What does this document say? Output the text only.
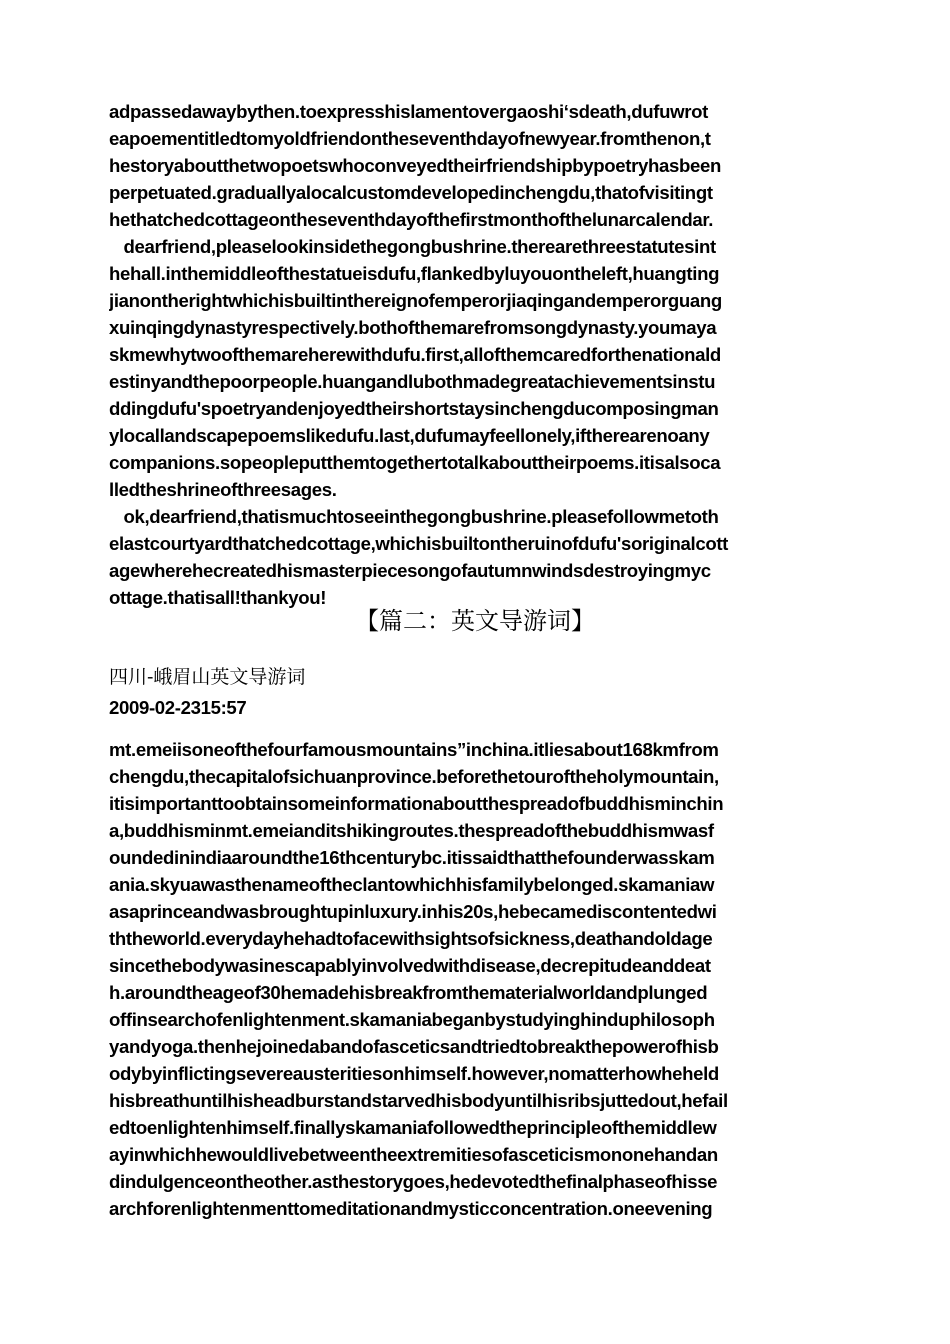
adpassedawaybythen.toexpresshislamentovergaoshi‘sdeath,dufuwrot
eapoementitledtomyoldfriendontheseventhdayofnewyear.fromthenon,t
hestoryaboutthetwopoetswhoconveyedtheirfriendshipbypoetryhasbeen
perpetuated.graduallyalocalcustomdevelopedinchengdu,thatofvisitingt
hethatchedcottageontheseventhdayofthefirstmonthofthelunarcalendar.
dearfriend,pleaselookinsidethegongbushrine.therearethreestatutesint
hehall.inthemiddleofthestatueisdufu,flankedbyluyouontheleft,huangting
jianontherightwhichisbuiltinthereignofemperorjiaqingandemperorguang
xuinqingdynastyrespectively.bothofthemarefromsongdynasty.youmaya
skmewhytwoofthemareherewithdufu.first,allofthemcaredforthenationald
estinyandthepoorpeople.huangandlubothmadegreatachievementsinstu
ddingdufu'spoetryandenjoyedtheirshortstaysinchengducomposingman
ylocallandscapepoemslikedufu.last,dufumayfeellonely,iftherearenoany
companions.sopeopleputthemtogethertotalkabouttheirpoems.itisalsoca
lledtheshrineofthreesages.
ok,dearfriend,thatismuchtoseeinthegongbushrine.pleasefollowmetoth
elastcourtyardthatchedcottage,whichisbuiltontheruinofdufu'soriginalcott
agewherehecreatedhismasterpiecesongofautumnwindsdestroyingmyc
ottage.thatisall!thankyou!
【篇二：英文导游词】
四川-峨眉山英文导游词
2009-02-2315:57
mt.emeiisoneofthefourfamousmountains”inchina.itliesabout168kmfrom
chengdu,thecapitalofsichuanprovince.beforethetouroftheholymountain,
itisimportanttoobtainsomeinformationaboutthespreadofbuddhisminchin
a,buddhisminmt.emeianditshikingroutes.thespreadofthebuddhismwasf
oundedinindiaaroundthe16thcenturybc.itissaidthatthefounderwasskam
ania.skyuawasthenameoftheclantowhichhisfamilybelonged.skamaniaw
asaprinceandwasbroughtupinluxury.inhis20s,hebecamediscontentedwi
ththeworld.everydayhehadtofacewithsightsofsickness,deathandoldage
sincethebodywasinescapablyinvolvedwithdisease,decrepitudeanddeat
h.aroundtheageof30hemadehisbreakfromthematerialworldandplunged
offinsearchofenlightenment.skamaniabeganbystudyinghinduphilosoph
yandyoga.thenhejoinedabandofasceticsandtriedtobreakthepowerofhisb
odybyinflictingsevereausteritiesonhimself.however,nomatterhowheheld
hisbreathuntilhisheadburstandstarvedhisbodyuntilhisribsjuttedout,hefail
edtoenlightenhimself.finallyskamaniafollowedtheprincipleofthemiddlew
ayinwhichhewouldlivebetweentheextremitiesofasceticismononehandan
dindulgenceontheother.asthestorygoes,hedevotedthefinalphaseofhisse
archforenlightenmenttomeditationandmysticconcentration.oneevening
